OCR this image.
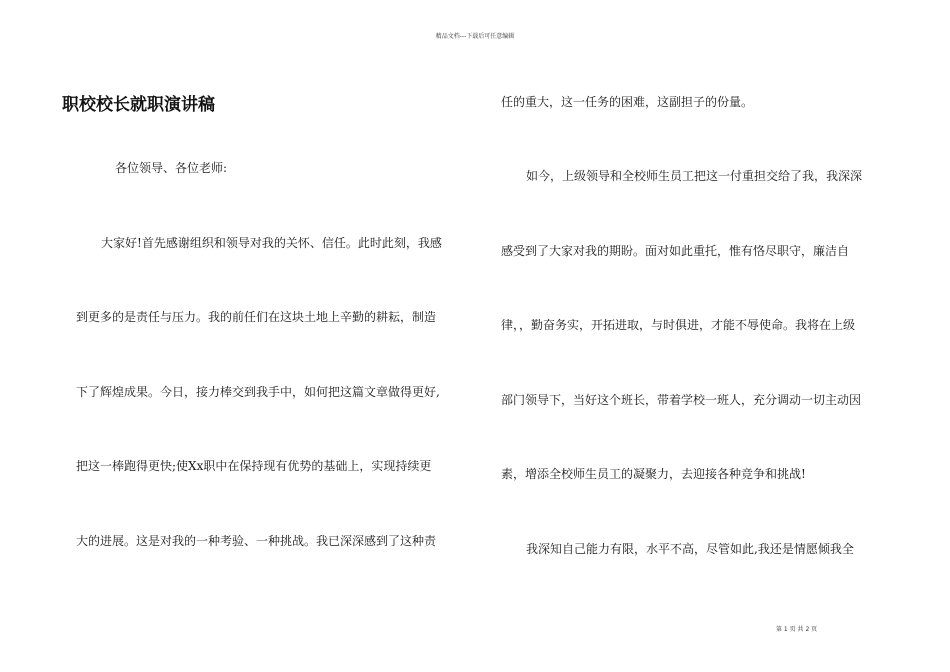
精品文档---下载后可任意编辑
职校校长就职演讲稿
各位领导、各位老师:
大家好!首先感谢组织和领导对我的关怀、信任。此时此刻，我感
到更多的是责任与压力。我的前任们在这块土地上辛勤的耕耘，制造
下了辉煌成果。今日，接力棒交到我手中，如何把这篇文章做得更好,
把这一棒跑得更快;使Xx职中在保持现有优势的基础上，实现持续更
大的进展。这是对我的一种考验、一种挑战。我已深深感到了这种责
任的重大，这一任务的困难，这副担子的份量。
如今，上级领导和全校师生员工把这一付重担交给了我，我深深
感受到了大家对我的期盼。面对如此重托，惟有恪尽职守，廉洁自
律，，勤奋务实，开拓进取，与时俱进，才能不辱使命。我将在上级
部门领导下，当好这个班长，带着学校一班人，充分调动一切主动因
素，增添全校师生员工的凝聚力，去迎接各种竞争和挑战!
我深知自己能力有限，水平不高，尽管如此,我还是情愿倾我全
第 1 页 共 2 页
